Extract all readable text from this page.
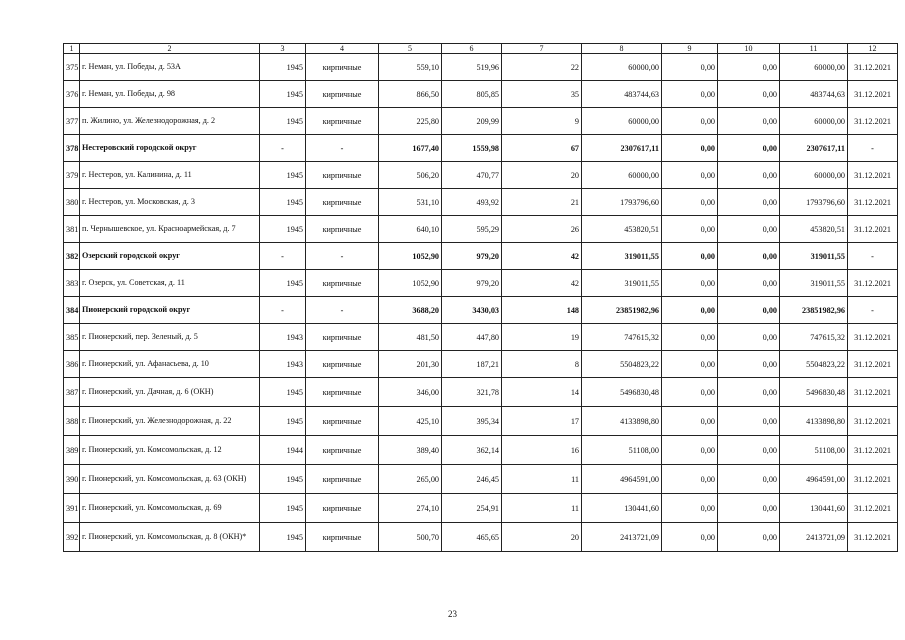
1	2	3	4	5	6	7	8	9	10	11	12
375	г. Неман, ул. Победы, д. 53А	1945	кирпичные	559,10	519,96	22	60000,00	0,00	0,00	60000,00	31.12.2021
376	г. Неман, ул. Победы, д. 98	1945	кирпичные	866,50	805,85	35	483744,63	0,00	0,00	483744,63	31.12.2021
377	п. Жилино, ул. Железнодорожная, д. 2	1945	кирпичные	225,80	209,99	9	60000,00	0,00	0,00	60000,00	31.12.2021
378	Нестеровский городской округ	-	-	1677,40	1559,98	67	2307617,11	0,00	0,00	2307617,11	-
379	г. Нестеров, ул. Калинина, д. 11	1945	кирпичные	506,20	470,77	20	60000,00	0,00	0,00	60000,00	31.12.2021
380	г. Нестеров, ул. Московская, д. 3	1945	кирпичные	531,10	493,92	21	1793796,60	0,00	0,00	1793796,60	31.12.2021
381	п. Чернышевское, ул. Красноармейская, д. 7	1945	кирпичные	640,10	595,29	26	453820,51	0,00	0,00	453820,51	31.12.2021
382	Озерский городской округ	-	-	1052,90	979,20	42	319011,55	0,00	0,00	319011,55	-
383	г. Озерск, ул. Советская, д. 11	1945	кирпичные	1052,90	979,20	42	319011,55	0,00	0,00	319011,55	31.12.2021
384	Пионерский городской округ	-	-	3688,20	3430,03	148	23851982,96	0,00	0,00	23851982,96	-
385	г. Пионерский, пер. Зеленый, д. 5	1943	кирпичные	481,50	447,80	19	747615,32	0,00	0,00	747615,32	31.12.2021
386	г. Пионерский, ул. Афанасьева, д. 10	1943	кирпичные	201,30	187,21	8	5504823,22	0,00	0,00	5504823,22	31.12.2021
387	г. Пионерский, ул. Дачная, д. 6 (ОКН)	1945	кирпичные	346,00	321,78	14	5496830,48	0,00	0,00	5496830,48	31.12.2021
388	г. Пионерский, ул. Железнодорожная, д. 22	1945	кирпичные	425,10	395,34	17	4133898,80	0,00	0,00	4133898,80	31.12.2021
389	г. Пионерский, ул. Комсомольская, д. 12	1944	кирпичные	389,40	362,14	16	51108,00	0,00	0,00	51108,00	31.12.2021
390	г. Пионерский, ул. Комсомольская, д. 63 (ОКН)	1945	кирпичные	265,00	246,45	11	4964591,00	0,00	0,00	4964591,00	31.12.2021
391	г. Пионерский, ул. Комсомольская, д. 69	1945	кирпичные	274,10	254,91	11	130441,60	0,00	0,00	130441,60	31.12.2021
392	г. Пионерский, ул. Комсомольская, д. 8 (ОКН)*	1945	кирпичные	500,70	465,65	20	2413721,09	0,00	0,00	2413721,09	31.12.2021
23
